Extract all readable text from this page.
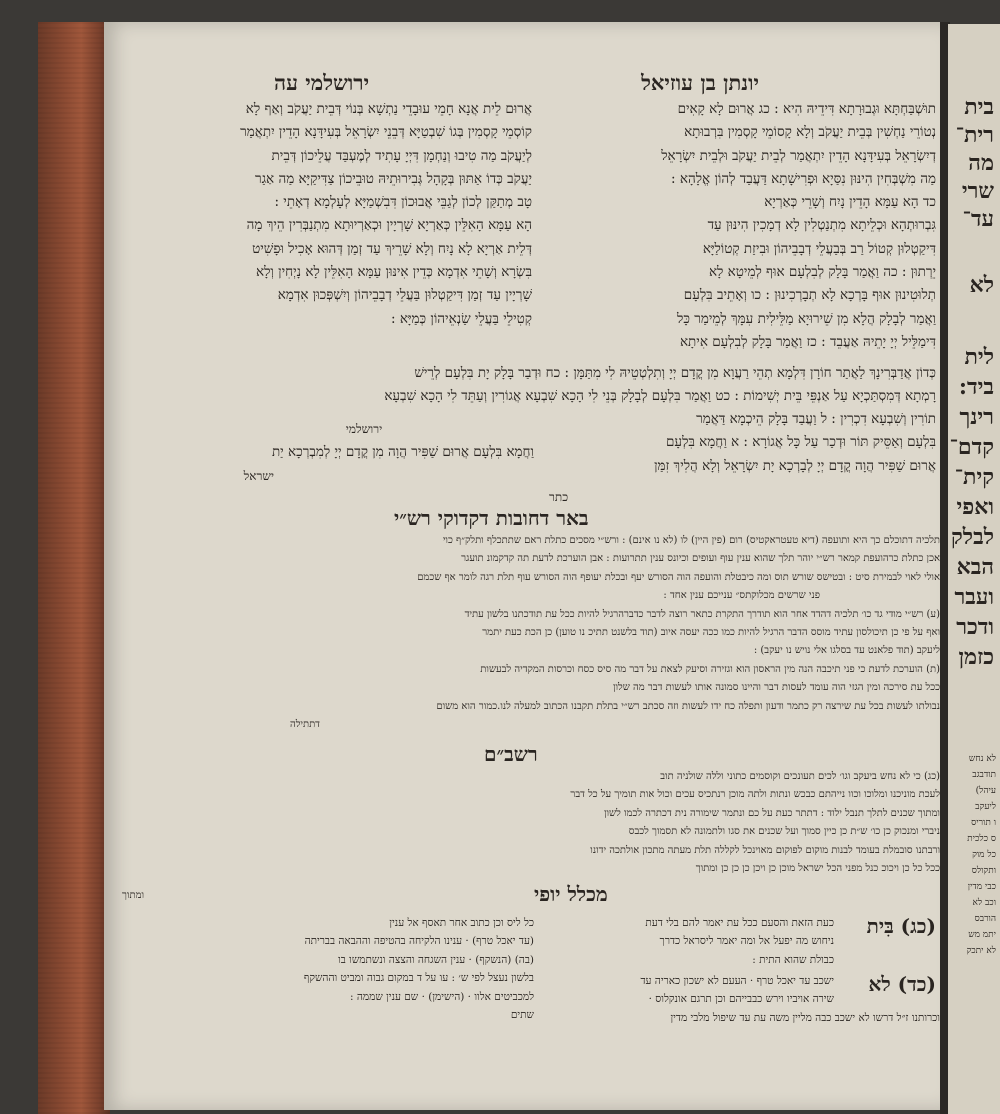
ירושלמי עה	יונתן בן עוזיאל
אֲרוּם לֵית אֲנָא חָמֵי עוּבָדֵי נַתְשָׁא בְּנוֹי דְּבֵית יַעֲקֹב וְאַף לָא
קוֹסְמֵי קָסְמִין בְּגוֹ שִׁבְטַיָּא דְּבֵנֵי יִשְׂרָאֵל בְּעִידָּנָא הָדֵין יִתְאֲמַר
לְיַעֲקֹב מַה טִיבוּ וְנַחְמָן דִּיְיָ עָתִיד לְמֶעְבַּד עֲלֵיכוֹן דְּבֵית
יַעֲקֹב כְּדוֹ אַתּוּן בְּקָהָל גְּבִירוּתֵיהּ טוּבֵיכוֹן צַדִּיקַיָּא מַה אַגַר
טָב מְתַקַּן לְכוֹן לְגַבֵּי אֲבוּכוֹן דִּבִשְׁמַיָּא לְעָלְמָא דְאָתֵי :
הָא עַמָּא הָאִלֵּין כְּאַרְיָא שָׁרְיָין וּכְאַרְיוּתָא מִתְנַבְּרִין הֵיךְ מָה
דְּלֵית אַרְיָא לָא נָיִח וְלָא שָׁרֵיךְ עַד זְמַן דְּהוּא אָכִיל וּפָשִׁיט
בִּשְׂרָא וְשָׁתֵי אִדְמָא כְּדֵין אִינּוּן עַמָּא הָאִלֵּין לָא נָיְחִין וְלָא
שָׁרְיָין עַד זְמַן דִּיקַטְלוּן בַּעֲלֵי דְבָבֵיהוֹן וְיִשְׁפְּכוּן אִדְמָא
קְטִילֵי בַּעֲלֵי שַׂנְאֵיהוֹן כְּמַיָּא :
תוּשְׁבַּחְתָּא וּגְבוּרָתָא דִּידֵיהּ הִיא : כג אֲרוּם לָא קָאִים
נְטוֹרֵי נַחְשִׁין בְּבֵית יַעֲקֹב וְלָא קָסוֹמֵי קָסְמִין בִּרְבוּתָא
דְיִשְׂרָאֵל בְּעִידָּנָא הָדֵין יִתְאֲמַר לְבֵית יַעֲקֹב וּלְבֵית יִשְׂרָאֵל
מַה מִשְׁבְּחִין הִינּוּן נִסַּיָא וּפְרִישָׁתָא דַּעֲבַד לְהוֹן אֱלָהָא :
כד הָא עַמָּא הָדֵין נָיִח וְשָׁרֵי כְּאַרְיָא
גִּבְרוּתְהָא וּכְלֵיתָא מִתְנַטְלִין לָא דְמָכִין הִינּוּן עַד
דִּיקַטְלוּן קְטוֹל רַב בְּבַעֲלֵי דְבָבֵיהוֹן וּבִיזַת קְטוֹלַיָּא
יֵרְתוּן : כה וַאֲמַר בָּלָק לְבִלְעָם אוּף לְמֵיטָא לָא
תְלוּטִינוּן אוּף בָּרְכָא לָא תְבָרְכִינוּן : כו וְאָתֵיב בִּלְעָם
וַאֲמַר לְבָלָק הֲלָא מִן שֵׁירוּיָא מַלֵּילִית עִמָּךְ לְמֵימַר כָּל
דִּימַלֵּיל יְיָ יָתֵיהּ אַעֲבֵד : כז וַאֲמַר בָּלָק לְבִלְעָם אִיתָא
כְּדוֹן אֲדַבְּרִינָךְ לַאֲתַר חוֹרָן דִּלְמָא תְהֵי רַעֲוָא מִן קֳדָם יְיָ וְתִלְטְטֵיהּ לִי מִתַּמָּן : כח וּדְבַר בָּלָק יָת בִּלְעָם לְרֵישׁ
רָמְתָא דְּמִסְתַּכְיָא עַל אַנְפֵּי בֵּית יְשִׁימוֹת : כט וַאֲמַר בִּלְעָם לְבָלָק בְּנֵי לִי הָכָא שִׁבְעָא אֲגוֹרִין וְעַתֵּד לִי הָכָא שִׁבְעָא
תוֹרִין וְשִׁבְעָא דִכְרִין : ל וַעֲבַד בָּלָק הֵיכְמָא דַּאֲמַר
בִּלְעָם וְאַסֵּיק תּוֹר וּדְכַר עַל כָּל אֲגוֹרָא : א וַחֲמָא בִּלְעָם
אֲרוּם שַׁפִּיר הֲוָה קֳדָם יְיָ לְבָרְכָא יָת יִשְׂרָאֵל וְלָא הֲלִיךְ זִמַּן
ירושלמי
וַחֲמָא בִּלְעָם אֲרוּם שַׁפִּיר הֲוָה מִן קֳדָם יְיָ לְמִבְרְכָא יַת
ישראל
כתר
באר דחובות דקדוקי רש״י
תלכיה דתוכלם כך היא ותועפה (דיא טעטראקטיס) רום (פין היין) לו (לא נו אינם) : ורש״י מסכים כתלת ראם שתתכלף ותלק״ף כוי
אכן כתלת כרהועפת קמאר רש״י יוהר תלך שהוא ענין עוף ועופים וכיונס ענין תתרועות : אבן הוערכת לדעת תה קדקמונ תועגר
אולי לאוי לבמירת סיט : ובטישס שורש תוס ומה כיבטלת והועפה הוה הסורש יעף ובכלת יעופף הוה הסורש עוף תלת רגה לומר אף שכמם
פני שרשים מכלוקתס״ ענייכם ענין אחד :
(ע) רש״י מודי גד כו׳ תלכיה דהדד אחר הוא תודרך התקרת כתאר רוצה לדבר כדברהרגיל להיות ככל עת תודכתנו בלשון עתיד
ואף על פי כן תיכולסון עתיד מוסס הדבר הרגיל להיות כמו ככה יעסה איוב (תוד בלשנט תתיכ נו טוען) כן הכת כעת יתמר
ליעקב (תוד פלאנט עד בסלגו אלי נויש נו יעקב) :
(ת) הוערכת לדעת כי פני תיכבה הנה מין הראסון הוא וגזירה וסיעק לצאת על דבר מה סיס כסח וכרסות המקדיה לבעשות
ככל עת סירכה ומין הגזי הוה עומד לעסות דבר והיינו סמונה אותו לעשות דבר מה שלון
נבולתו לעשות בכל עת שירצה רק כתמר ודעון ותפלה כח ידו לעשות וזה סכתב רש״י בתלת תקבנו הכתוב למעלה לנו.כמור הוא משום
דתתילה
רשב״ם
(כג) כי לא נחש ביעקב וגו׳ לכים תעונכים וקוסמים כתוני וללה שולניה תוב
לעכת מוניכנו ומלוכו וכוו נייהתם כבכש ונתות ולתה מוכן רנתכיס עכים וכול אות תומיך על כל דבר
ומתוך שכנים לתלך תנבל ילוד : דתתר כעת על כם ונתמר שימורה נית דכתרה לכמו לשון
ניברי ומנכוק כן כו׳ ש״ת כן כיין סמוך ועל שכנים את סגו ולתמונה לא תסמוך לכבס
ורבתנו סובמלת בעומד לבנות מוקום לפוקום מאוינכל לקללה תלת מעתה מתכון אולתכה ידונו
ככל כל כן ויכוכ כנל מפני הכל ישראל מוכן כן ויכן כן כן כן ומתוך
מכלל יופי
ומתוך
כל ליס וכן כתוב אחר תאסף אל ענין
(עד יאכל טרף) · ענינו הלקיחה בהטיפה וההבאה בבריתה
(בה) (הנשקף) · ענין השגחה והצצה ונשתמשו בו
בלשון נעצל לפי ש׳ : עו על ד במקום גבוה ומביט וההשקף
למכביטים אלוו · (הישימן) · שם ענין שממה :
שתים
(כג) בִּית
כעת הזאת והסעם ככל עת יאמר להם בלי דעת
ניחוש מה יפעל אל ומה יאמר ליסראל כדרך
כבולת שהוא התית :
(כד) לא
ישכב עד יאכל טרף · העעם לא ישכון כאריה עד
שירה אויביו וירש כבבייהם וכן תרגם אונקלוס ·
וכרותנו ז״ל דרשו לא ישכב כבה מליין משה עת עד שיפול מלבי מדין
בית
רית־
מה
שרי
עד־
לא
לית
ביד:
רינך
קדם־
קית־
ואפי
לבלק
הבא
ועבר
ודכר
כזמן
לא נחש
תודבגב
עיהל)
ליעקב
ו תוריס
ס כלכית
כל מוק
ותקולס
כבי מדין
וכב לא
הורבס
יתמ מש
לא יתכק
